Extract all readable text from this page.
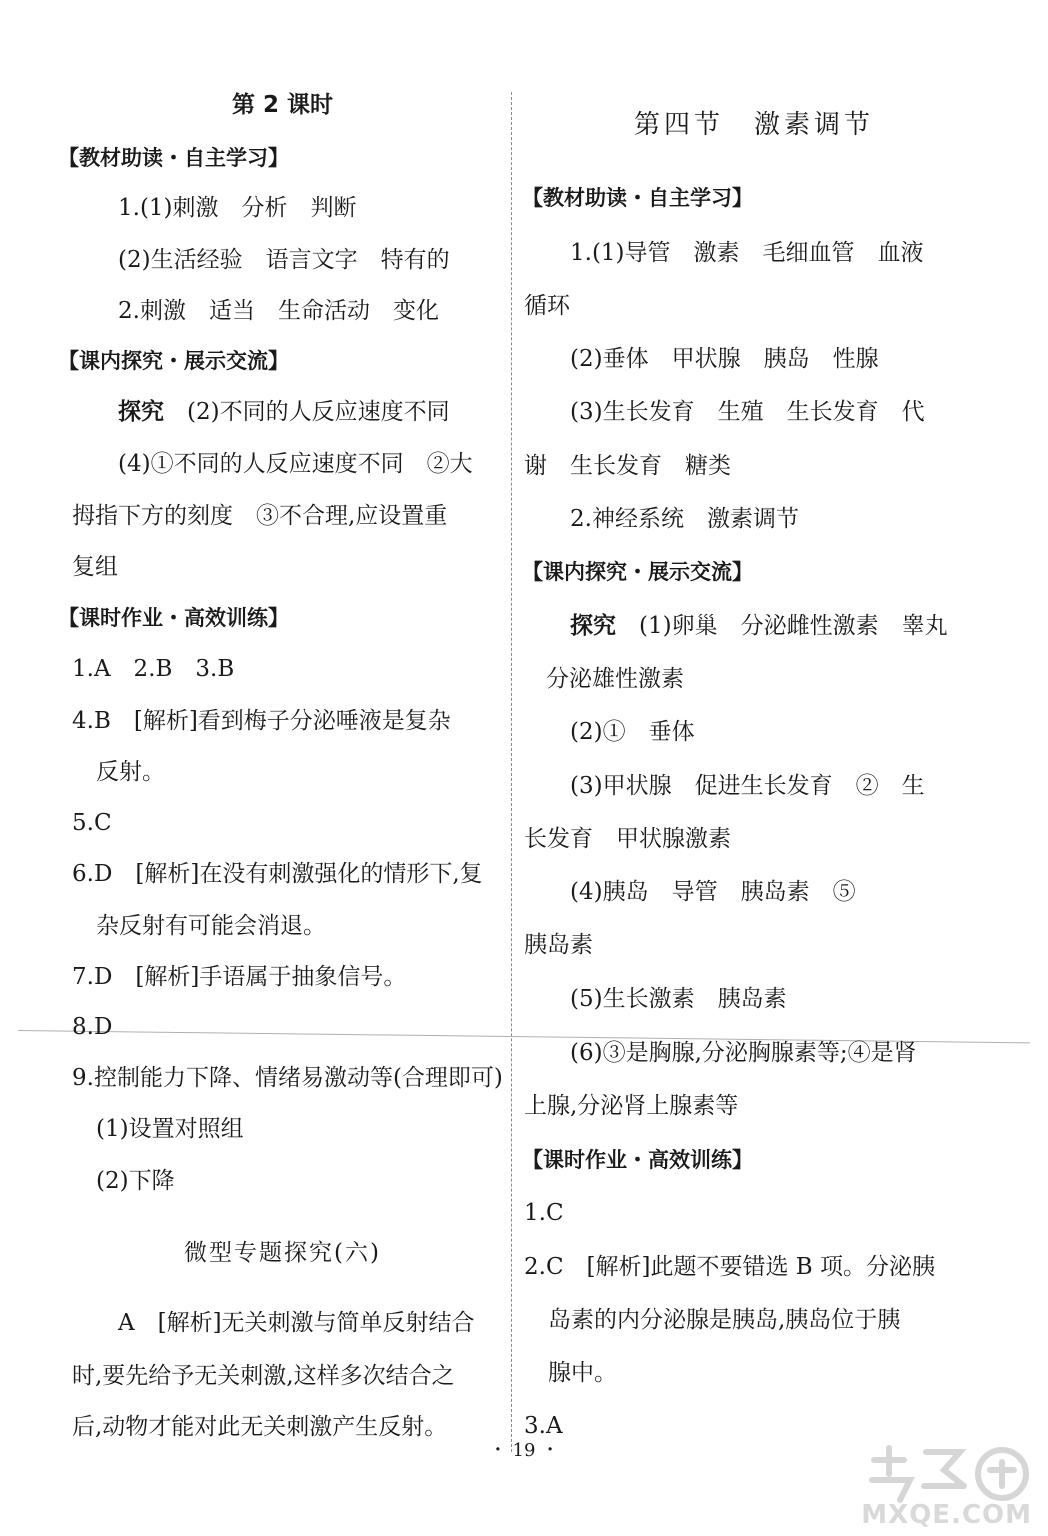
第 2 课时
【教材助读・自主学习】
1.(1)刺激　分析　判断
(2)生活经验　语言文字　特有的
2.刺激　适当　生命活动　变化
【课内探究・展示交流】
探究　(2)不同的人反应速度不同
(4)①不同的人反应速度不同　②大
拇指下方的刻度　③不合理,应设置重
复组
【课时作业・高效训练】
1.A　2.B　3.B
4.B　[解析]看到梅子分泌唾液是复杂
反射。
5.C
6.D　[解析]在没有刺激强化的情形下,复
杂反射有可能会消退。
7.D　[解析]手语属于抽象信号。
8.D
9.控制能力下降、情绪易激动等(合理即可)
(1)设置对照组
(2)下降
微型专题探究(六)
A　[解析]无关刺激与简单反射结合
时,要先给予无关刺激,这样多次结合之
后,动物才能对此无关刺激产生反射。
第四节　激素调节
【教材助读・自主学习】
1.(1)导管　激素　毛细血管　血液
循环
(2)垂体　甲状腺　胰岛　性腺
(3)生长发育　生殖　生长发育　代
谢　生长发育　糖类
2.神经系统　激素调节
【课内探究・展示交流】
探究　(1)卵巢　分泌雌性激素　睾丸
分泌雄性激素
(2)①　垂体
(3)甲状腺　促进生长发育　②　生
长发育　甲状腺激素
(4)胰岛　导管　胰岛素　⑤
胰岛素
(5)生长激素　胰岛素
(6)③是胸腺,分泌胸腺素等;④是肾
上腺,分泌肾上腺素等
【课时作业・高效训练】
1.C
2.C　[解析]此题不要错选 B 项。分泌胰
岛素的内分泌腺是胰岛,胰岛位于胰
腺中。
3.A
・ 19 ・
MXQE.COM
